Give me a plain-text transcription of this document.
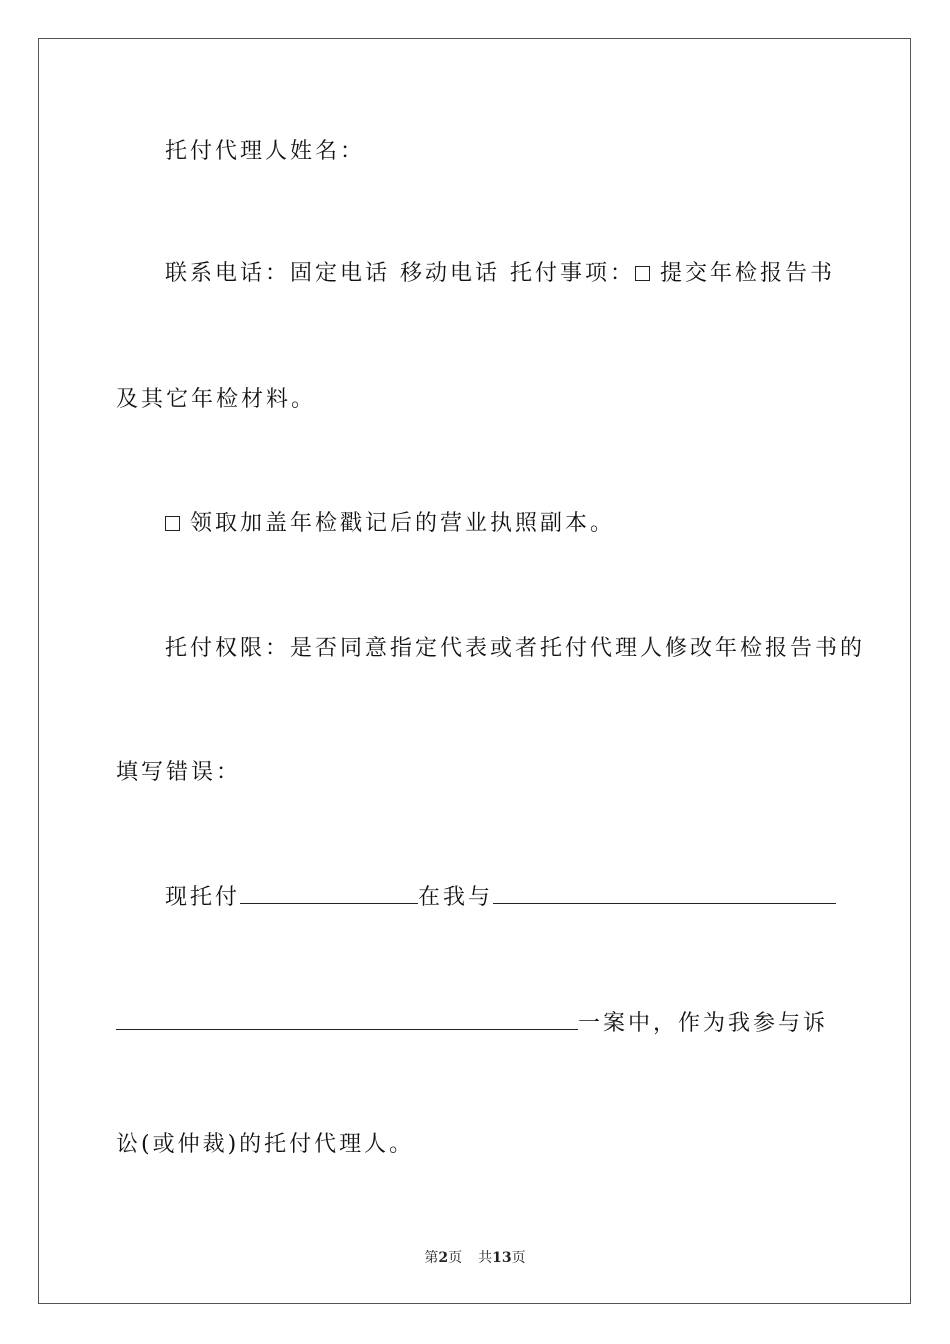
托付代理人姓名：
联系电话：固定电话 移动电话 托付事项： 提交年检报告书
及其它年检材料。
领取加盖年检戳记后的营业执照副本。
托付权限：是否同意指定代表或者托付代理人修改年检报告书的
填写错误：
现托付	在我与
一案中，作为我参与诉
讼(或仲裁)的托付代理人。
第2页 共13页
